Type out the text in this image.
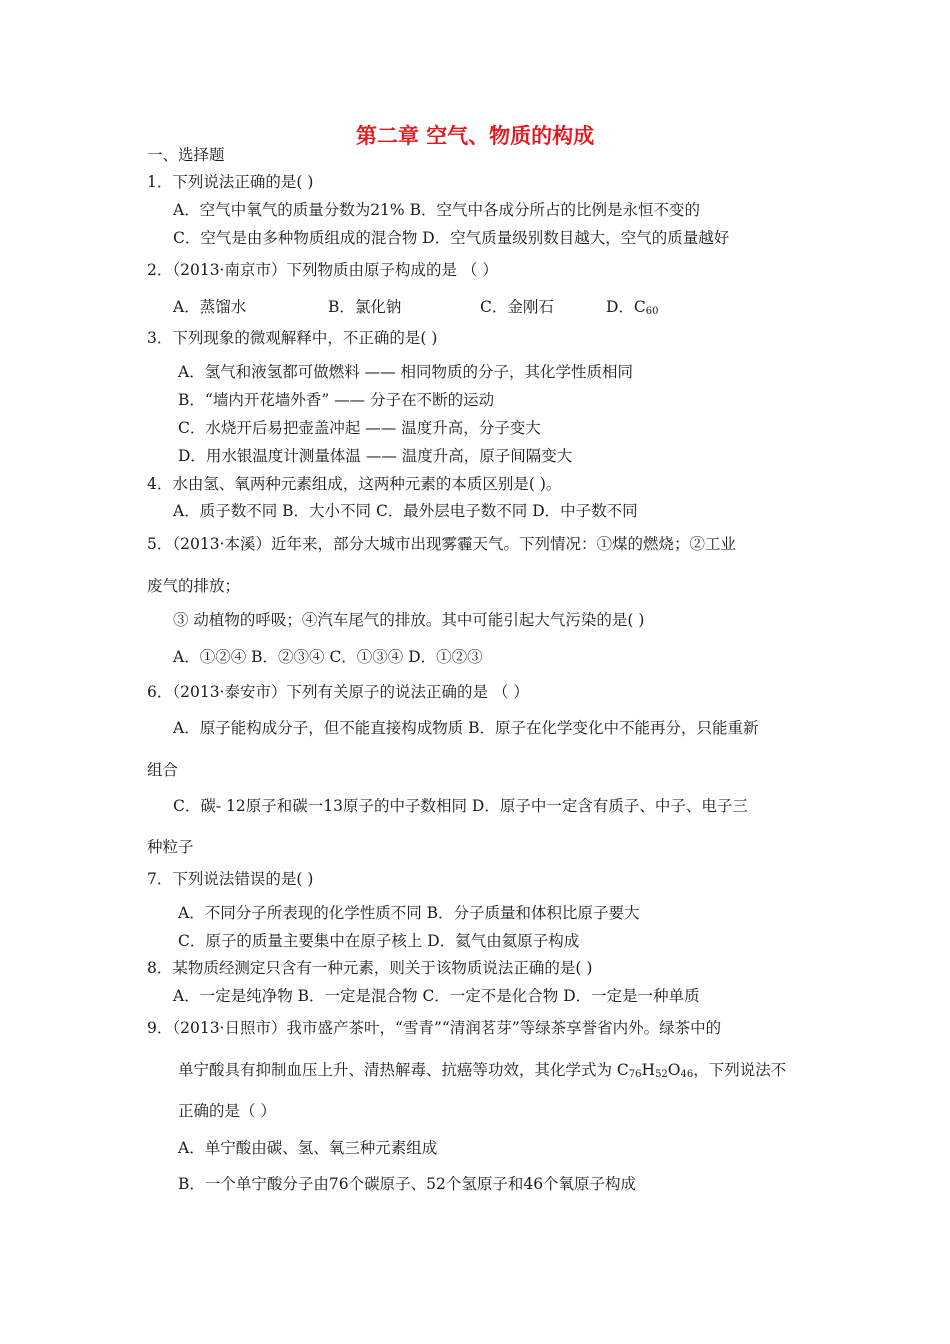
第二章 空气、物质的构成
一、选择题
1．下列说法正确的是( )
A．空气中氧气的质量分数为21% B．空气中各成分所占的比例是永恒不变的
C．空气是由多种物质组成的混合物 D．空气质量级别数目越大，空气的质量越好
2．（2013·南京市）下列物质由原子构成的是 （ ）
A．蒸馏水	B．氯化钠	C．金刚石	D．$C_{60}$
3．下列现象的微观解释中，不正确的是( )
A．氢气和液氢都可做燃料 —— 相同物质的分子，其化学性质相同
B．“墙内开花墙外香” —— 分子在不断的运动
C．水烧开后易把壶盖冲起 —— 温度升高，分子变大
D．用水银温度计测量体温 —— 温度升高，原子间隔变大
4．水由氢、氧两种元素组成，这两种元素的本质区别是( )。
A．质子数不同 B．大小不同 C．最外层电子数不同 D．中子数不同
5．（2013·本溪）近年来，部分大城市出现雾霾天气。下列情况：①煤的燃烧；②工业
废气的排放；
③ 动植物的呼吸；④汽车尾气的排放。其中可能引起大气污染的是( )
A．①②④ B．②③④ C．①③④ D．①②③
6．（2013·泰安市）下列有关原子的说法正确的是 （ ）
A．原子能构成分子，但不能直接构成物质 B．原子在化学变化中不能再分，只能重新
组合
C．碳- 12原子和碳一13原子的中子数相同 D．原子中一定含有质子、中子、电子三
种粒子
7．下列说法错误的是( )
A．不同分子所表现的化学性质不同 B．分子质量和体积比原子要大
C．原子的质量主要集中在原子核上 D．氦气由氦原子构成
8．某物质经测定只含有一种元素，则关于该物质说法正确的是( )
A．一定是纯净物 B．一定是混合物 C．一定不是化合物 D．一定是一种单质
9．（2013·日照市）我市盛产茶叶，“雪青”“清润茗芽”等绿茶享誉省内外。绿茶中的
单宁酸具有抑制血压上升、清热解毒、抗癌等功效，其化学式为 $C_{76}H_{52}O_{46}$，下列说法不
正确的是（ ）
A．单宁酸由碳、氢、氧三种元素组成
B．一个单宁酸分子由76个碳原子、52个氢原子和46个氧原子构成
